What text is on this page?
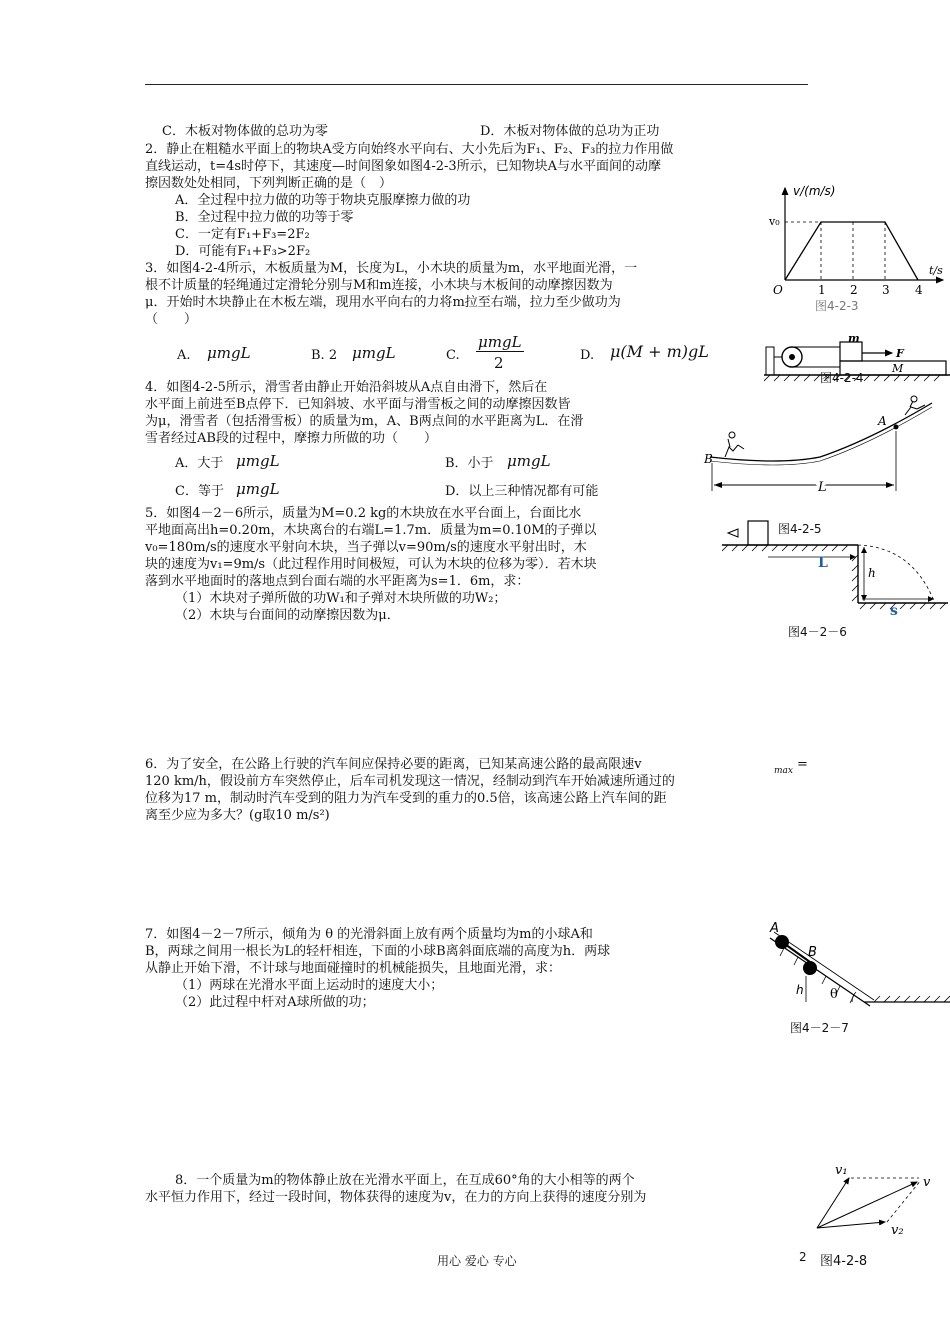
C．木板对物体做的总功为零	D．木板对物体做的总功为正功
2．静止在粗糙水平面上的物块A受方向始终水平向右、大小先后为F₁、F₂、F₃的拉力作用做
直线运动，t=4s时停下，其速度—时间图象如图4-2-3所示，已知物块A与水平面间的动摩
擦因数处处相同，下列判断正确的是（　）
A．全过程中拉力做的功等于物块克服摩擦力做的功
B．全过程中拉力做的功等于零
C．一定有F₁+F₃=2F₂
D．可能有F₁+F₃>2F₂
v/(m/s)
v₀
O	1 2 3 4
t/s
图4-2-3
3．如图4-2-4所示，木板质量为M，长度为L，小木块的质量为m，水平地面光滑，一
根不计质量的轻绳通过定滑轮分别与M和m连接，小木块与木板间的动摩擦因数为
μ．开始时木块静止在木板左端，现用水平向右的力将m拉至右端，拉力至少做功为
（　　）
A. μmgL	B. 2 μmgL	C.
μmgL
2	D. μ(M + m)gL
m
F
M
图4-2-4
4．如图4-2-5所示，滑雪者由静止开始沿斜坡从A点自由滑下，然后在
水平面上前进至B点停下．已知斜坡、水平面与滑雪板之间的动摩擦因数皆
为μ，滑雪者（包括滑雪板）的质量为m，A、B两点间的水平距离为L．在滑
雪者经过AB段的过程中，摩擦力所做的功（　　）
A．大于 μmgL	B．小于 μmgL
C．等于 μmgL	D．以上三种情况都有可能
A
B
L
5．如图4－2－6所示，质量为M=0.2 kg的木块放在水平台面上，台面比水
平地面高出h=0.20m，木块离台的右端L=1.7m．质量为m=0.10M的子弹以
v₀=180m/s的速度水平射向木块，当子弹以v=90m/s的速度水平射出时，木
块的速度为v₁=9m/s（此过程作用时间极短，可认为木块的位移为零）．若木块
落到水平地面时的落地点到台面右端的水平距离为s=1．6m，求：
（1）木块对子弹所做的功W₁和子弹对木块所做的功W₂；
（2）木块与台面间的动摩擦因数为μ．
图4-2-5
L
h
s
图4－2－6
6．为了安全，在公路上行驶的汽车间应保持必要的距离，已知某高速公路的最高限速v	max =
120 km/h，假设前方车突然停止，后车司机发现这一情况，经制动到汽车开始减速所通过的
位移为17 m，制动时汽车受到的阻力为汽车受到的重力的0.5倍，该高速公路上汽车间的距
离至少应为多大？(g取10 m/s²)
7．如图4－2－7所示，倾角为 θ 的光滑斜面上放有两个质量均为m的小球A和
B，两球之间用一根长为L的轻杆相连，下面的小球B离斜面底端的高度为h．两球
从静止开始下滑，不计球与地面碰撞时的机械能损失，且地面光滑，求：
（1）两球在光滑水平面上运动时的速度大小；
（2）此过程中杆对A球所做的功；
A
B
h θ
图4－2－7
8．一个质量为m的物体静止放在光滑水平面上，在互成60°角的大小相等的两个
水平恒力作用下，经过一段时间，物体获得的速度为v，在力的方向上获得的速度分别为
v₁
v
v₂
图4-2-8
用心 爱心 专心	2
